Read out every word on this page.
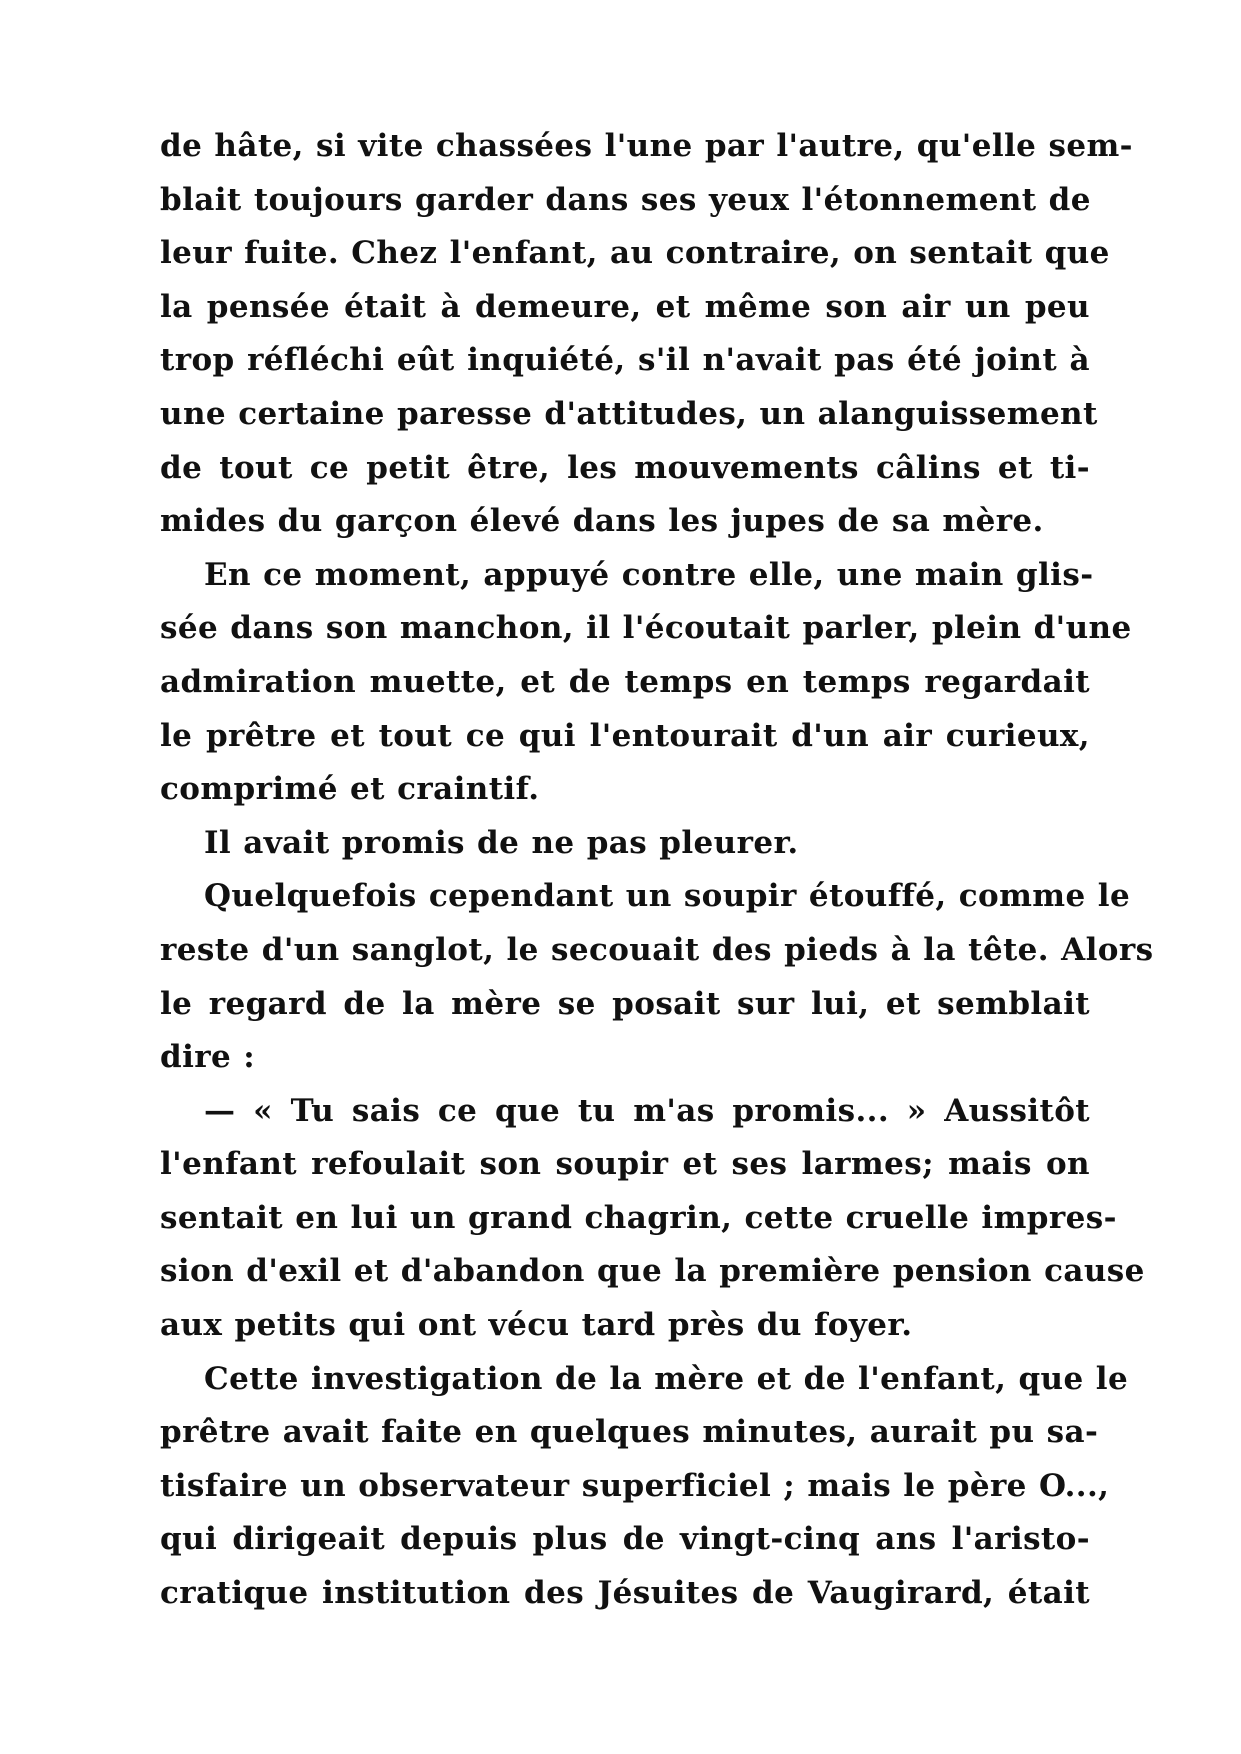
de hâte, si vite chassées l'une par l'autre, qu'elle sem-
blait toujours garder dans ses yeux l'étonnement de
leur fuite. Chez l'enfant, au contraire, on sentait que
la pensée était à demeure, et même son air un peu
trop réfléchi eût inquiété, s'il n'avait pas été joint à
une certaine paresse d'attitudes, un alanguissement
de tout ce petit être, les mouvements câlins et ti-
mides du garçon élevé dans les jupes de sa mère.
En ce moment, appuyé contre elle, une main glis-
sée dans son manchon, il l'écoutait parler, plein d'une
admiration muette, et de temps en temps regardait
le prêtre et tout ce qui l'entourait d'un air curieux,
comprimé et craintif.
Il avait promis de ne pas pleurer.
Quelquefois cependant un soupir étouffé, comme le
reste d'un sanglot, le secouait des pieds à la tête. Alors
le regard de la mère se posait sur lui, et semblait
dire :
— « Tu sais ce que tu m'as promis... » Aussitôt
l'enfant refoulait son soupir et ses larmes; mais on
sentait en lui un grand chagrin, cette cruelle impres-
sion d'exil et d'abandon que la première pension cause
aux petits qui ont vécu tard près du foyer.
Cette investigation de la mère et de l'enfant, que le
prêtre avait faite en quelques minutes, aurait pu sa-
tisfaire un observateur superficiel ; mais le père O...,
qui dirigeait depuis plus de vingt-cinq ans l'aristo-
cratique institution des Jésuites de Vaugirard, était
